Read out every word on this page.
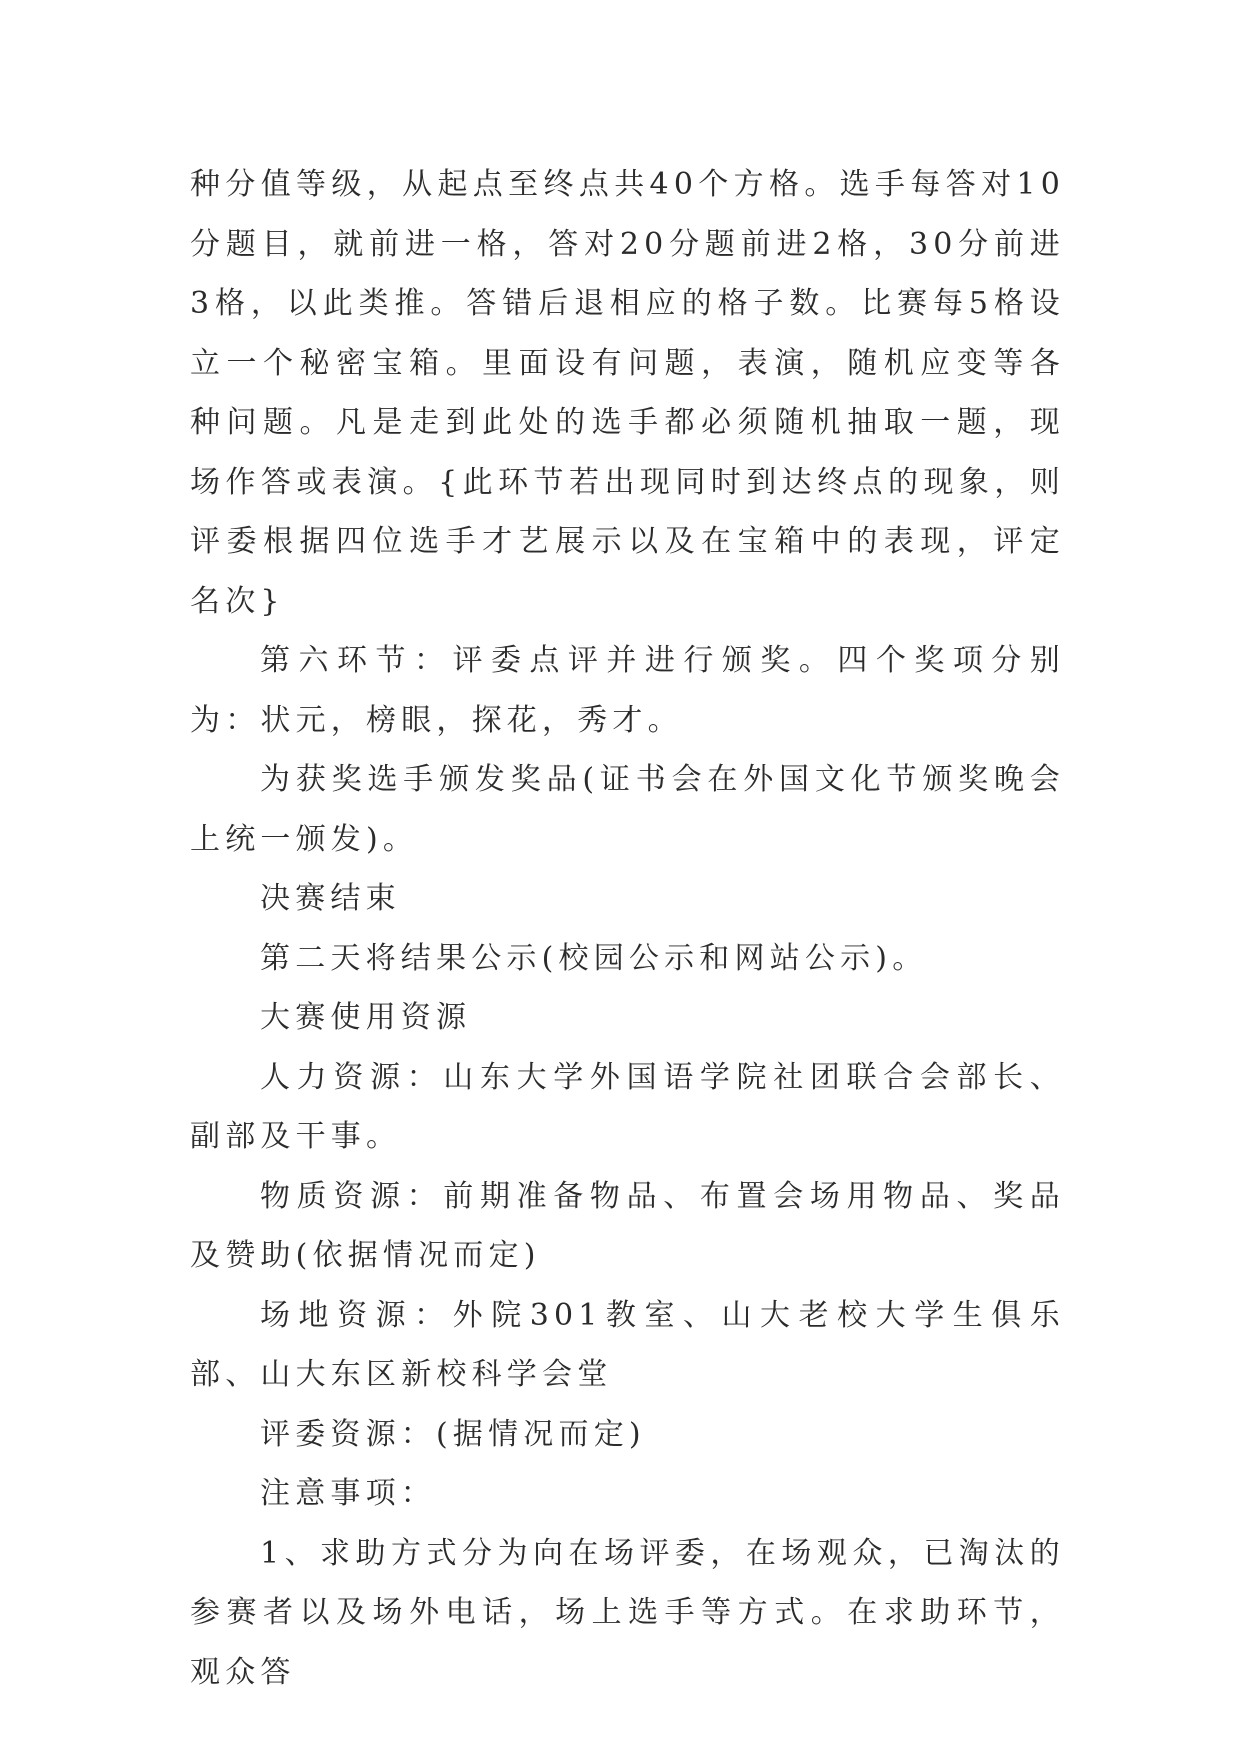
种分值等级，从起点至终点共40个方格。选手每答对10分题目，就前进一格，答对20分题前进2格，30分前进3格，以此类推。答错后退相应的格子数。比赛每5格设立一个秘密宝箱。里面设有问题，表演，随机应变等各种问题。凡是走到此处的选手都必须随机抽取一题，现场作答或表演。{此环节若出现同时到达终点的现象，则评委根据四位选手才艺展示以及在宝箱中的表现，评定名次}

第六环节：评委点评并进行颁奖。四个奖项分别为：状元，榜眼，探花，秀才。

为获奖选手颁发奖品(证书会在外国文化节颁奖晚会上统一颁发)。

决赛结束

第二天将结果公示(校园公示和网站公示)。

大赛使用资源

人力资源：山东大学外国语学院社团联合会部长、副部及干事。

物质资源：前期准备物品、布置会场用物品、奖品及赞助(依据情况而定)

场地资源：外院301教室、山大老校大学生俱乐部、山大东区新校科学会堂

评委资源：(据情况而定)

注意事项：

1、求助方式分为向在场评委，在场观众，已淘汰的参赛者以及场外电话，场上选手等方式。在求助环节，观众答
